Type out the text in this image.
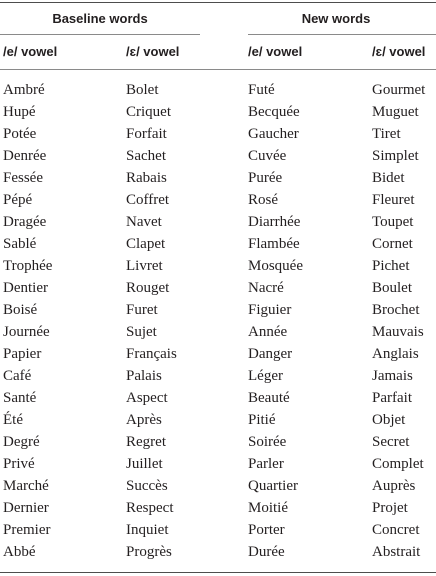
Baseline words	New words
/e/ vowel	/ɛ/ vowel	/e/ vowel	/ɛ/ vowel
Ambré	Bolet	Futé	Gourmet
Hupé	Criquet	Becquée	Muguet
Potée	Forfait	Gaucher	Tiret
Denrée	Sachet	Cuvée	Simplet
Fessée	Rabais	Purée	Bidet
Pépé	Coffret	Rosé	Fleuret
Dragée	Navet	Diarrhée	Toupet
Sablé	Clapet	Flambée	Cornet
Trophée	Livret	Mosquée	Pichet
Dentier	Rouget	Nacré	Boulet
Boisé	Furet	Figuier	Brochet
Journée	Sujet	Année	Mauvais
Papier	Français	Danger	Anglais
Café	Palais	Léger	Jamais
Santé	Aspect	Beauté	Parfait
Été	Après	Pitié	Objet
Degré	Regret	Soirée	Secret
Privé	Juillet	Parler	Complet
Marché	Succès	Quartier	Auprès
Dernier	Respect	Moitié	Projet
Premier	Inquiet	Porter	Concret
Abbé	Progrès	Durée	Abstrait
